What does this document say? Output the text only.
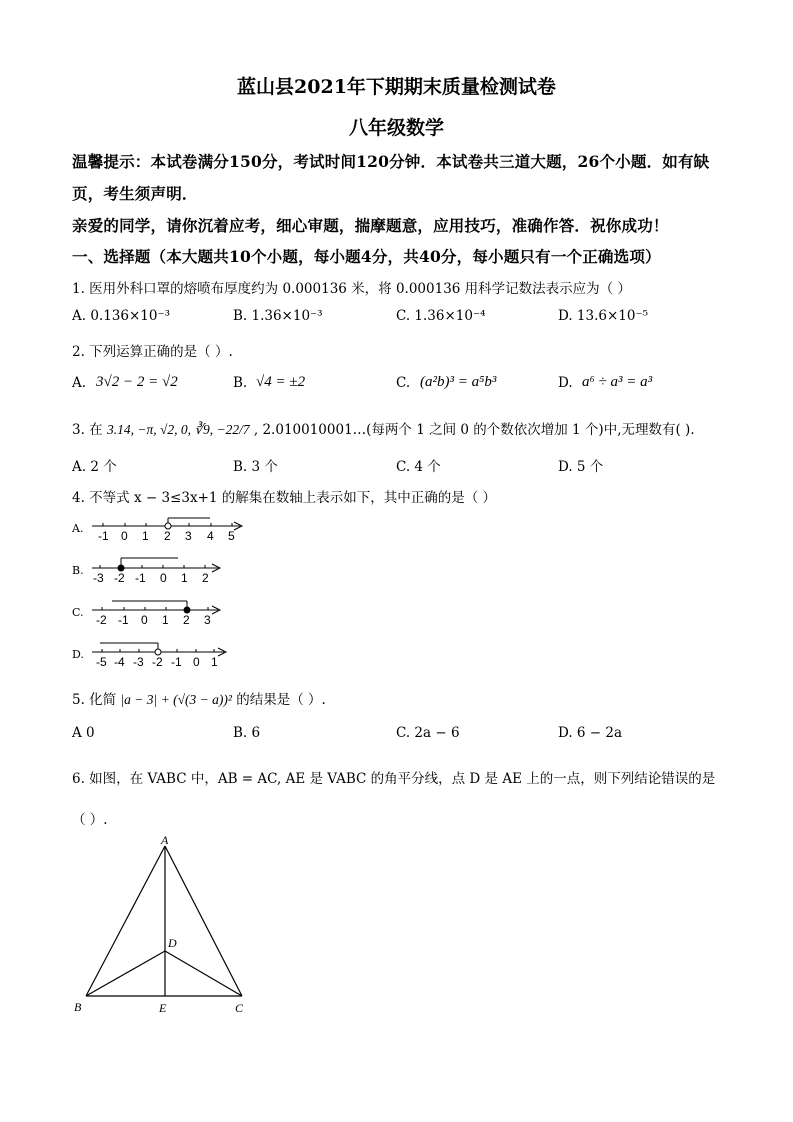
蓝山县2021年下期期末质量检测试卷
八年级数学
温馨提示：本试卷满分150分，考试时间120分钟．本试卷共三道大题，26个小题．如有缺
页，考生须声明．
亲爱的同学，请你沉着应考，细心审题，揣摩题意，应用技巧，准确作答．祝你成功！
一、选择题（本大题共10个小题，每小题4分，共40分，每小题只有一个正确选项）
1. 医用外科口罩的熔喷布厚度约为 0.000136 米，将 0.000136 用科学记数法表示应为（ ）
A. 0.136×10⁻³	B. 1.36×10⁻³	C. 1.36×10⁻⁴	D. 13.6×10⁻⁵
2. 下列运算正确的是（ ）.
A. 3√2 − 2 = √2	B. √4 = ±2	C. (a²b)³ = a⁵b³	D. a⁶ ÷ a³ = a³
3. 在 3.14, −π, √2, 0, ∛9, −22/7 , 2.010010001…(每两个 1 之间 0 的个数依次增加 1 个)中,无理数有( ).
A. 2 个	B. 3 个	C. 4 个	D. 5 个
4. 不等式 x − 3≤3x+1 的解集在数轴上表示如下，其中正确的是（ ）
A.
-1 0 1 2 3 4 5
B.
-3 -2 -1 0 1 2
C.
-2 -1 0 1 2 3
D.
-5 -4 -3 -2 -1 0 1
5. 化简 |a − 3| + (√(3 − a))² 的结果是（ ）.
A 0	B. 6	C. 2a − 6	D. 6 − 2a
6. 如图，在 VABC 中，AB = AC, AE 是 VABC 的角平分线，点 D 是 AE 上的一点，则下列结论错误的是
（ ）.
A
D
B	E	C
